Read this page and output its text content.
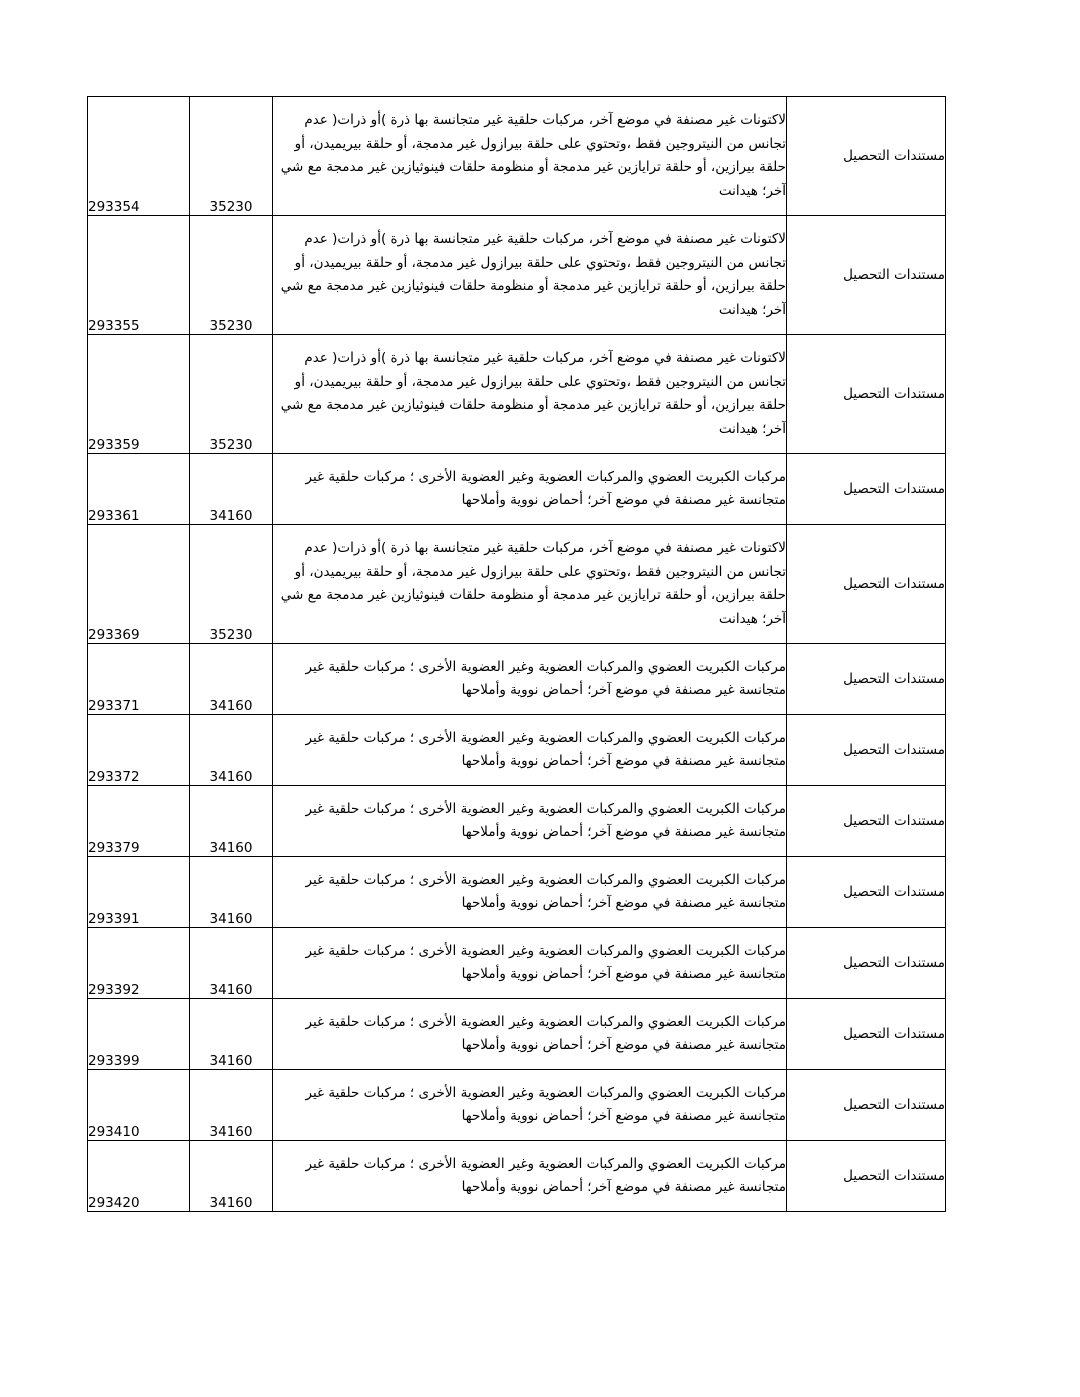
293354	35230	لاكتونات غير مصنفة في موضع آخر، مركبات حلقية غير متجانسة بها ذرة )أو ذرات( عدم تجانس من النيتروجين فقط ،وتحتوي على حلقة بيرازول غير مدمجة، أو حلقة بيريميدن، أو حلقة بيرازين، أو حلقة ترايازين غير مدمجة أو منظومة حلقات فينوثيازين غير مدمجة مع شي آخر؛ هيدانت	مستندات التحصيل
293355	35230	لاكتونات غير مصنفة في موضع آخر، مركبات حلقية غير متجانسة بها ذرة )أو ذرات( عدم تجانس من النيتروجين فقط ،وتحتوي على حلقة بيرازول غير مدمجة، أو حلقة بيريميدن، أو حلقة بيرازين، أو حلقة ترايازين غير مدمجة أو منظومة حلقات فينوثيازين غير مدمجة مع شي آخر؛ هيدانت	مستندات التحصيل
293359	35230	لاكتونات غير مصنفة في موضع آخر، مركبات حلقية غير متجانسة بها ذرة )أو ذرات( عدم تجانس من النيتروجين فقط ،وتحتوي على حلقة بيرازول غير مدمجة، أو حلقة بيريميدن، أو حلقة بيرازين، أو حلقة ترايازين غير مدمجة أو منظومة حلقات فينوثيازين غير مدمجة مع شي آخر؛ هيدانت	مستندات التحصيل
293361	34160	مركبات الكبريت العضوي والمركبات العضوية وغير العضوية الأخرى ؛ مركبات حلقية غير متجانسة غير مصنفة في موضع آخر؛ أحماض نووية وأملاحها	مستندات التحصيل
293369	35230	لاكتونات غير مصنفة في موضع آخر، مركبات حلقية غير متجانسة بها ذرة )أو ذرات( عدم تجانس من النيتروجين فقط ،وتحتوي على حلقة بيرازول غير مدمجة، أو حلقة بيريميدن، أو حلقة بيرازين، أو حلقة ترايازين غير مدمجة أو منظومة حلقات فينوثيازين غير مدمجة مع شي آخر؛ هيدانت	مستندات التحصيل
293371	34160	مركبات الكبريت العضوي والمركبات العضوية وغير العضوية الأخرى ؛ مركبات حلقية غير متجانسة غير مصنفة في موضع آخر؛ أحماض نووية وأملاحها	مستندات التحصيل
293372	34160	مركبات الكبريت العضوي والمركبات العضوية وغير العضوية الأخرى ؛ مركبات حلقية غير متجانسة غير مصنفة في موضع آخر؛ أحماض نووية وأملاحها	مستندات التحصيل
293379	34160	مركبات الكبريت العضوي والمركبات العضوية وغير العضوية الأخرى ؛ مركبات حلقية غير متجانسة غير مصنفة في موضع آخر؛ أحماض نووية وأملاحها	مستندات التحصيل
293391	34160	مركبات الكبريت العضوي والمركبات العضوية وغير العضوية الأخرى ؛ مركبات حلقية غير متجانسة غير مصنفة في موضع آخر؛ أحماض نووية وأملاحها	مستندات التحصيل
293392	34160	مركبات الكبريت العضوي والمركبات العضوية وغير العضوية الأخرى ؛ مركبات حلقية غير متجانسة غير مصنفة في موضع آخر؛ أحماض نووية وأملاحها	مستندات التحصيل
293399	34160	مركبات الكبريت العضوي والمركبات العضوية وغير العضوية الأخرى ؛ مركبات حلقية غير متجانسة غير مصنفة في موضع آخر؛ أحماض نووية وأملاحها	مستندات التحصيل
293410	34160	مركبات الكبريت العضوي والمركبات العضوية وغير العضوية الأخرى ؛ مركبات حلقية غير متجانسة غير مصنفة في موضع آخر؛ أحماض نووية وأملاحها	مستندات التحصيل
293420	34160	مركبات الكبريت العضوي والمركبات العضوية وغير العضوية الأخرى ؛ مركبات حلقية غير متجانسة غير مصنفة في موضع آخر؛ أحماض نووية وأملاحها	مستندات التحصيل
